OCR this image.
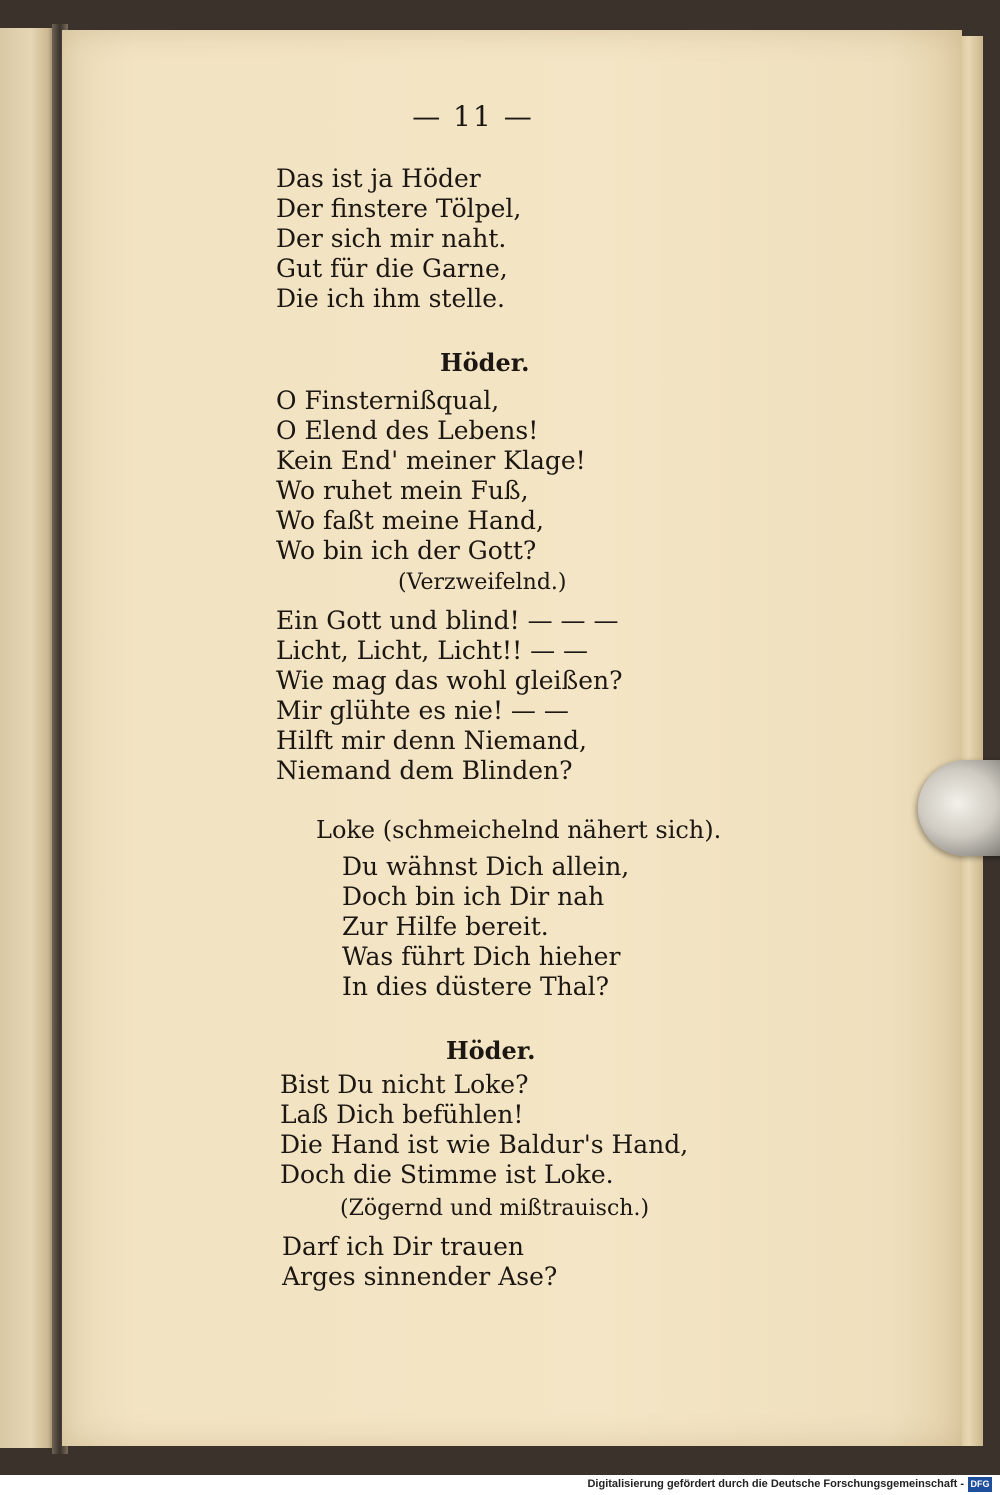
— 11 —
Das ist ja Höder
Der finstere Tölpel,
Der sich mir naht.
Gut für die Garne,
Die ich ihm stelle.
Höder.
O Finsternißqual,
O Elend des Lebens!
Kein End' meiner Klage!
Wo ruhet mein Fuß,
Wo faßt meine Hand,
Wo bin ich der Gott?
(Verzweifelnd.)
Ein Gott und blind! — — —
Licht, Licht, Licht!! — —
Wie mag das wohl gleißen?
Mir glühte es nie! — —
Hilft mir denn Niemand,
Niemand dem Blinden?
Loke (schmeichelnd nähert sich).
Du wähnst Dich allein,
Doch bin ich Dir nah
Zur Hilfe bereit.
Was führt Dich hieher
In dies düstere Thal?
Höder.
Bist Du nicht Loke?
Laß Dich befühlen!
Die Hand ist wie Baldur's Hand,
Doch die Stimme ist Loke.
(Zögernd und mißtrauisch.)
Darf ich Dir trauen
Arges sinnender Ase?
Digitalisierung gefördert durch die Deutsche Forschungsgemeinschaft - DFG
